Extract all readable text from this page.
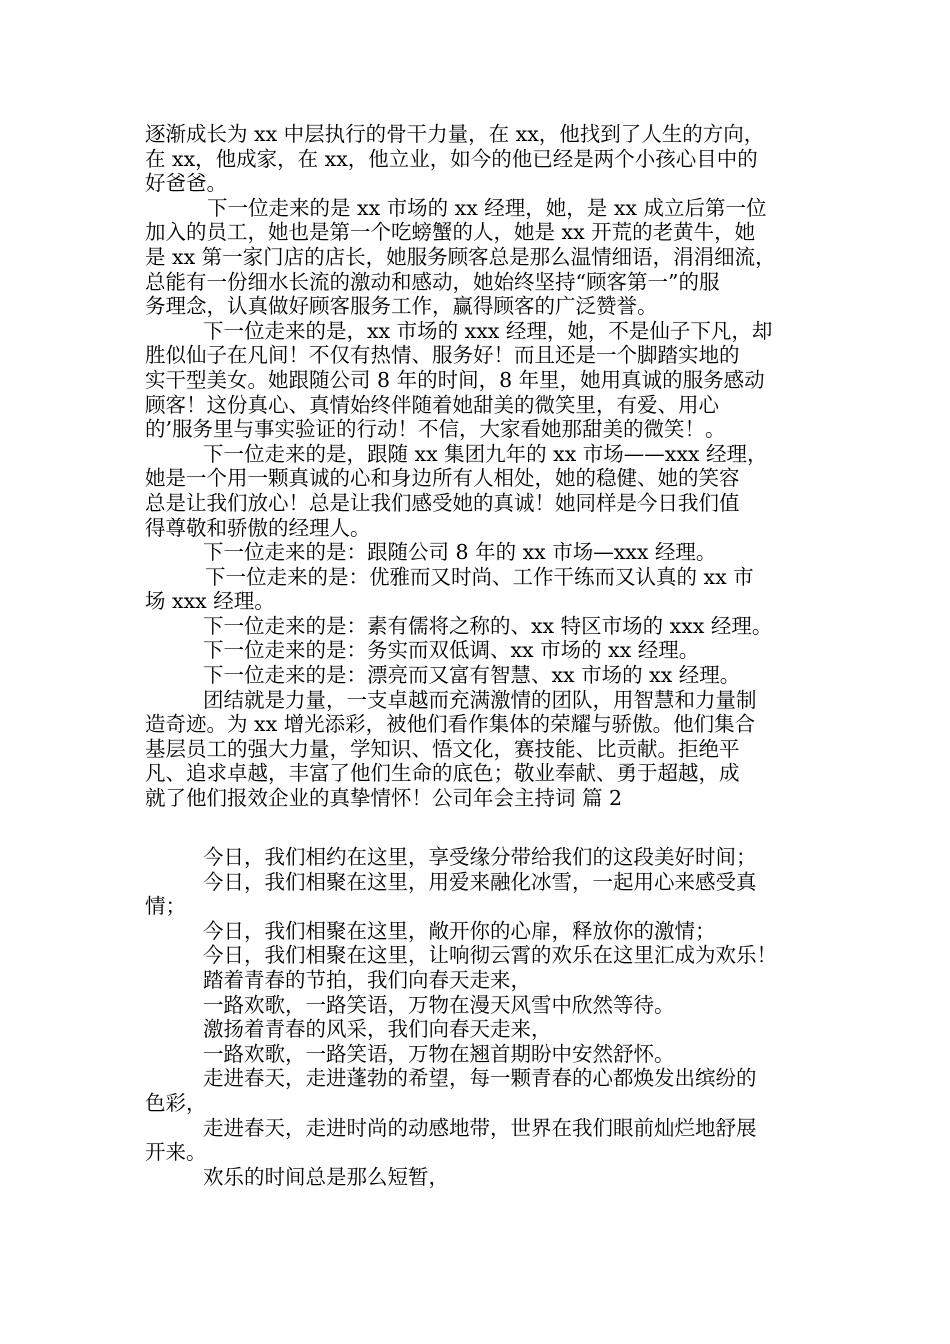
逐渐成长为 xx 中层执行的骨干力量，在 xx，他找到了人生的方向，

在 xx，他成家，在 xx，他立业，如今的他已经是两个小孩心目中的

好爸爸。

下一位走来的是 xx 市场的 xx 经理，她，是 xx 成立后第一位

加入的员工，她也是第一个吃螃蟹的人，她是 xx 开荒的老黄牛，她

是 xx 第一家门店的店长，她服务顾客总是那么温情细语，涓涓细流，

总能有一份细水长流的激动和感动，她始终坚持“顾客第一”的服

务理念，认真做好顾客服务工作，赢得顾客的广泛赞誉。

下一位走来的是，xx 市场的 xxx 经理，她，不是仙子下凡，却

胜似仙子在凡间！不仅有热情、服务好！而且还是一个脚踏实地的

实干型美女。她跟随公司 8 年的时间，8 年里，她用真诚的服务感动

顾客！这份真心、真情始终伴随着她甜美的微笑里，有爱、用心

的’服务里与事实验证的行动！不信，大家看她那甜美的微笑！。

下一位走来的是，跟随 xx 集团九年的 xx 市场——xxx 经理，

她是一个用一颗真诚的心和身边所有人相处，她的稳健、她的笑容

总是让我们放心！总是让我们感受她的真诚！她同样是今日我们值

得尊敬和骄傲的经理人。

下一位走来的是：跟随公司 8 年的 xx 市场—xxx 经理。

下一位走来的是：优雅而又时尚、工作干练而又认真的 xx 市

场 xxx 经理。

下一位走来的是：素有儒将之称的、xx 特区市场的 xxx 经理。

下一位走来的是：务实而双低调、xx 市场的 xx 经理。

下一位走来的是：漂亮而又富有智慧、xx 市场的 xx 经理。

团结就是力量，一支卓越而充满激情的团队，用智慧和力量制

造奇迹。为 xx 增光添彩，被他们看作集体的荣耀与骄傲。他们集合

基层员工的强大力量，学知识、悟文化，赛技能、比贡献。拒绝平

凡、追求卓越，丰富了他们生命的底色；敬业奉献、勇于超越，成

就了他们报效企业的真挚情怀！公司年会主持词 篇 2

今日，我们相约在这里，享受缘分带给我们的这段美好时间；

今日，我们相聚在这里，用爱来融化冰雪，一起用心来感受真

情；

今日，我们相聚在这里，敞开你的心扉，释放你的激情；

今日，我们相聚在这里，让响彻云霄的欢乐在这里汇成为欢乐！

踏着青春的节拍，我们向春天走来，

一路欢歌，一路笑语，万物在漫天风雪中欣然等待。

激扬着青春的风采，我们向春天走来，

一路欢歌，一路笑语，万物在翘首期盼中安然舒怀。

走进春天，走进蓬勃的希望，每一颗青春的心都焕发出缤纷的

色彩，

走进春天，走进时尚的动感地带，世界在我们眼前灿烂地舒展

开来。

欢乐的时间总是那么短暂，
